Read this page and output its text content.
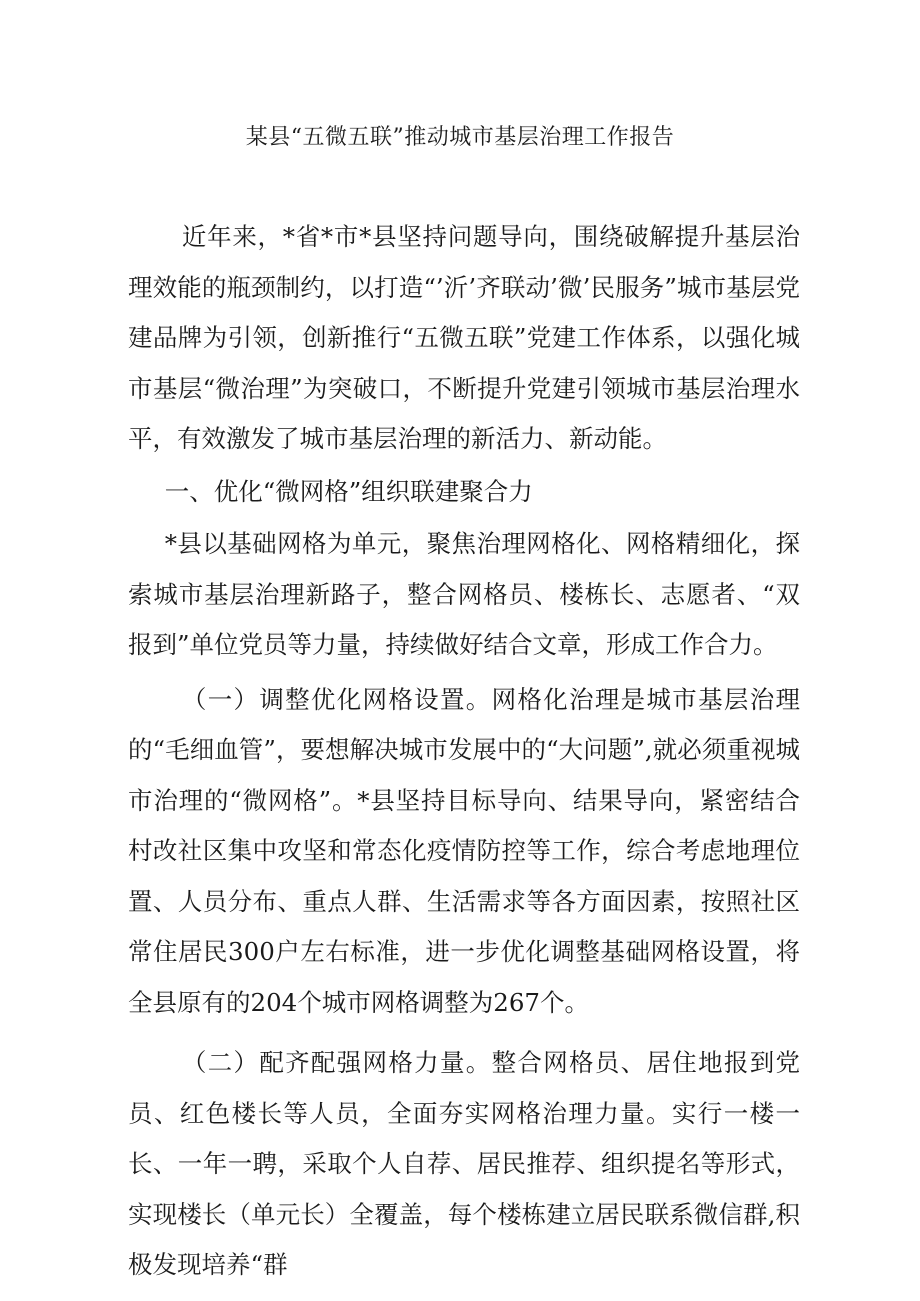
某县“五微五联”推动城市基层治理工作报告

近年来，*省*市*县坚持问题导向，围绕破解提升基层治理效能的瓶颈制约，以打造“’沂’齐联动’微’民服务”城市基层党建品牌为引领，创新推行“五微五联”党建工作体系，以强化城市基层“微治理”为突破口，不断提升党建引领城市基层治理水平，有效激发了城市基层治理的新活力、新动能。

一、优化“微网格”组织联建聚合力

*县以基础网格为单元，聚焦治理网格化、网格精细化，探索城市基层治理新路子，整合网格员、楼栋长、志愿者、“双报到”单位党员等力量，持续做好结合文章，形成工作合力。

（一）调整优化网格设置。网格化治理是城市基层治理的“毛细血管”，要想解决城市发展中的“大问题”,就必须重视城市治理的“微网格”。*县坚持目标导向、结果导向，紧密结合村改社区集中攻坚和常态化疫情防控等工作，综合考虑地理位置、人员分布、重点人群、生活需求等各方面因素，按照社区常住居民300户左右标准，进一步优化调整基础网格设置，将全县原有的204个城市网格调整为267个。

（二）配齐配强网格力量。整合网格员、居住地报到党员、红色楼长等人员，全面夯实网格治理力量。实行一楼一长、一年一聘，采取个人自荐、居民推荐、组织提名等形式，实现楼长（单元长）全覆盖，每个楼栋建立居民联系微信群,积极发现培养“群
